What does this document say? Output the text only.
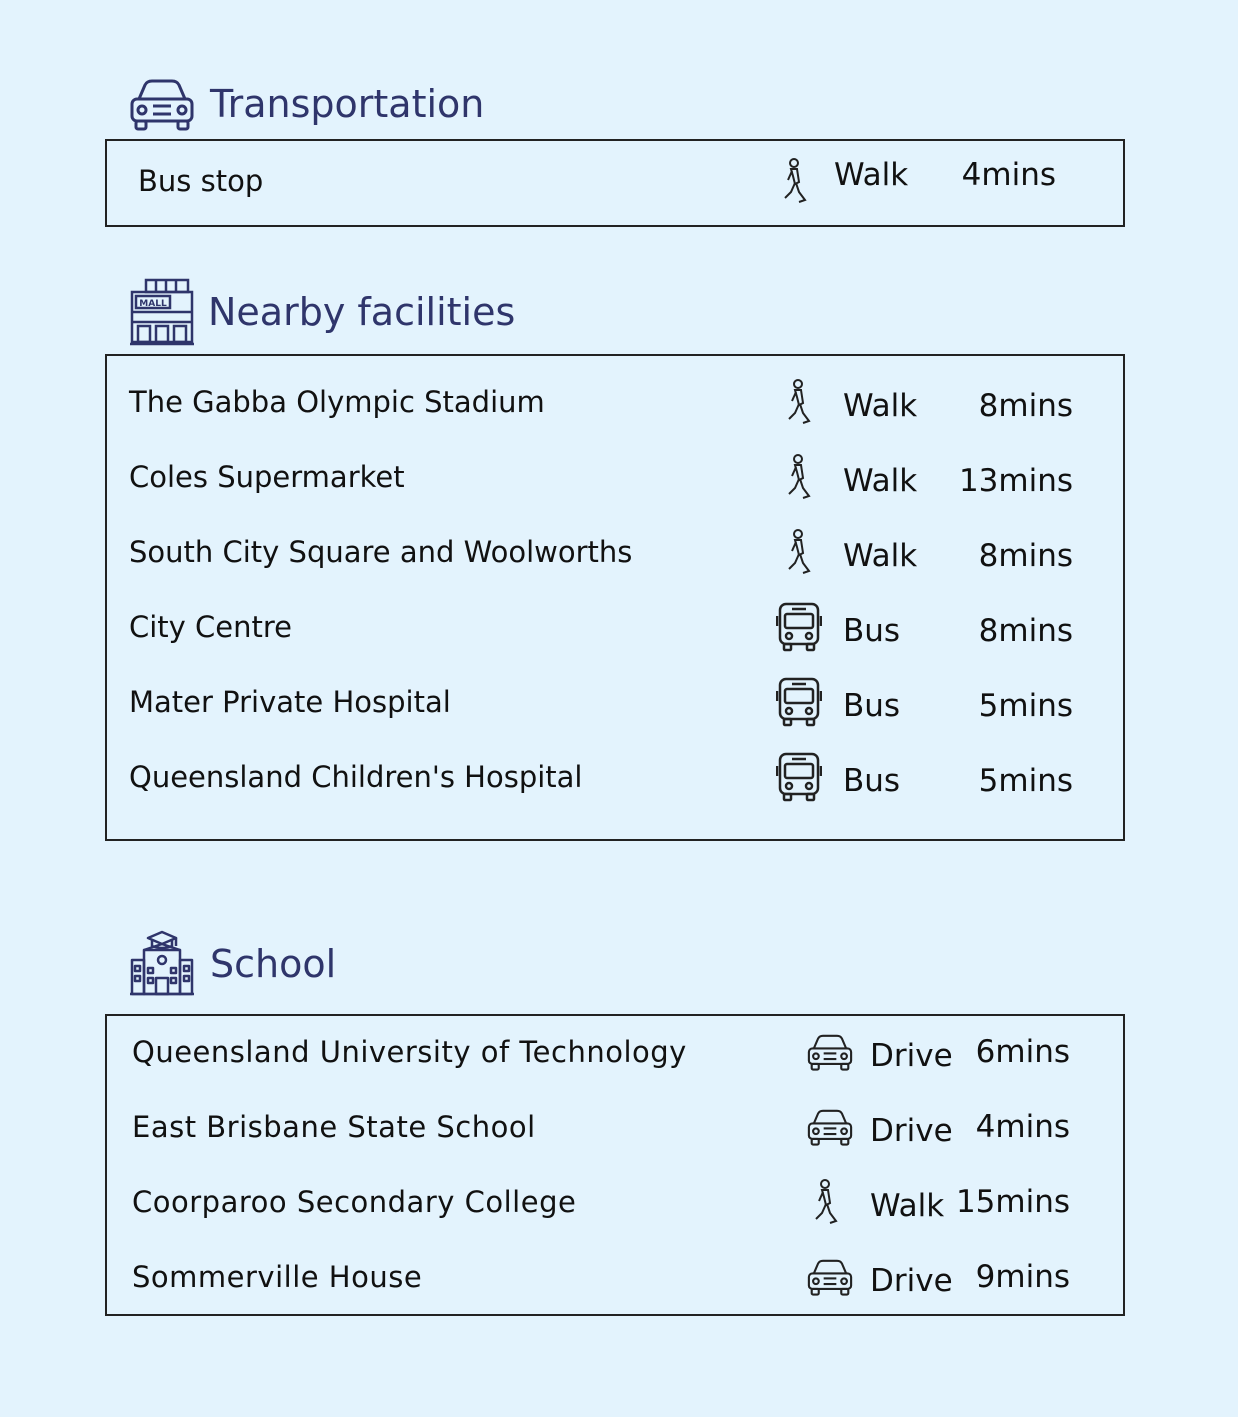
Transportation
Bus stop	Walk	4mins
MALL Nearby facilities
The Gabba Olympic Stadium	Walk	8mins
Coles Supermarket	Walk	13mins
South City Square and Woolworths	Walk	8mins
City Centre	Bus	8mins
Mater Private Hospital	Bus	5mins
Queensland Children's Hospital	Bus	5mins
School
Queensland University of Technology	Drive 6mins
East Brisbane State School	Drive 4mins
Coorparoo Secondary College	Walk 15mins
Sommerville House	Drive 9mins
